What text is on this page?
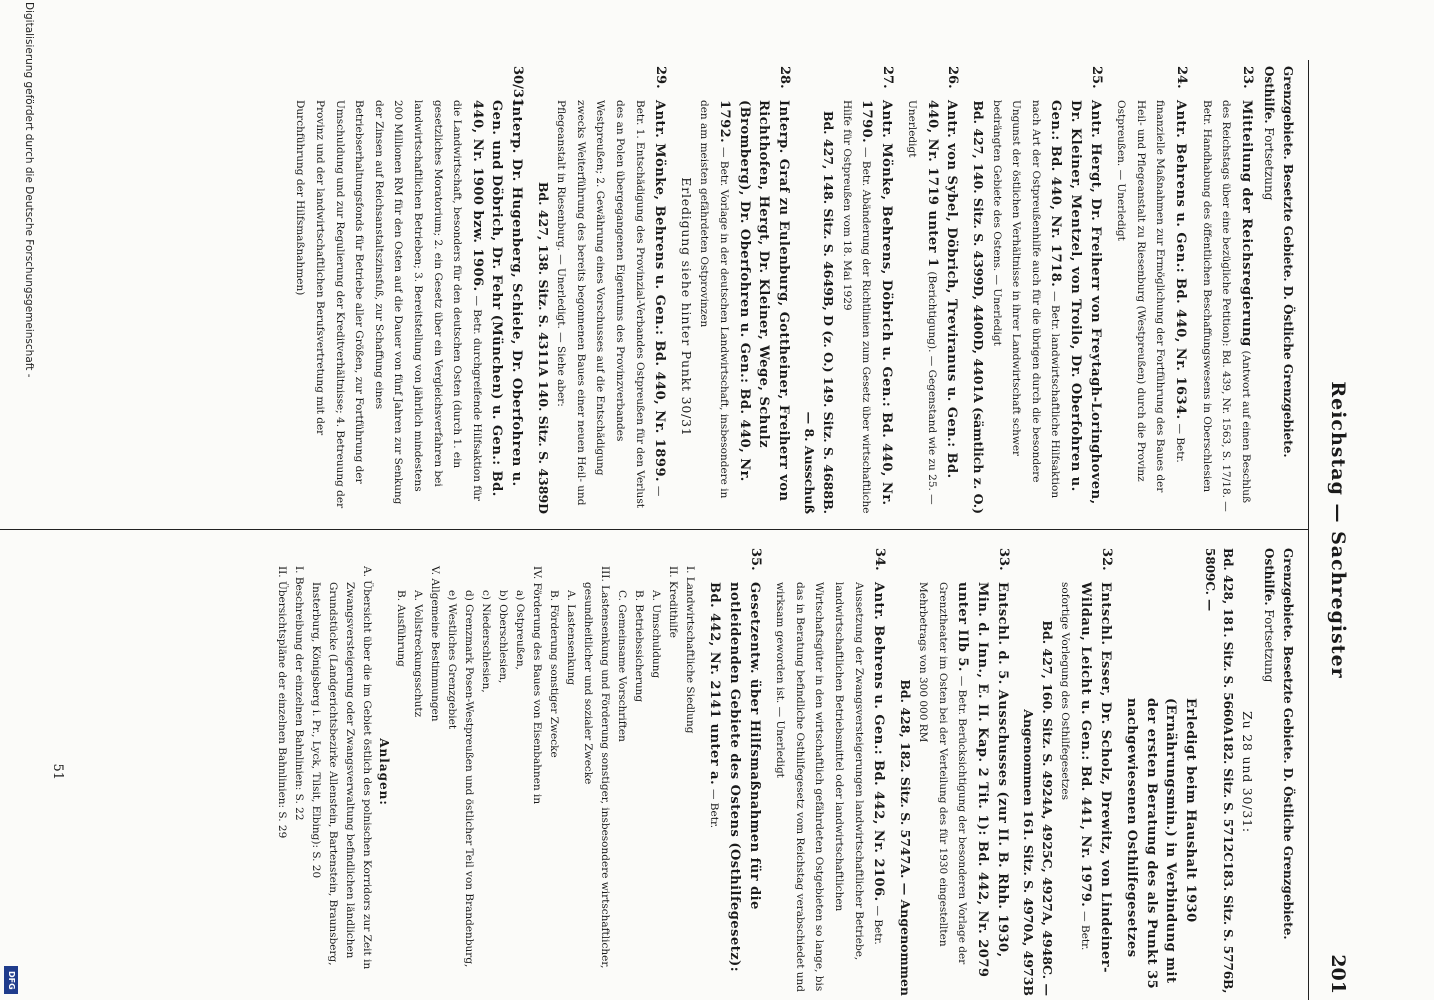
Reichstag — Sachregister
201
Grenzgebiete. Besetzte Gebiete. D. Östliche Grenzgebiete. Osthilfe. Fortsetzung
23.
Mitteilung der Reichsregierung (Antwort auf einen Beschluß des Reichstags über eine bezügliche Petition): Bd. 439, Nr. 1563, S. 17/18. — Betr. Handhabung des öffentlichen Beschaffungswesens in Oberschlesien
24.
Antr. Behrens u. Gen.: Bd. 440, Nr. 1634. — Betr. finanzielle Maßnahmen zur Ermöglichung der Fortführung des Baues der Heil- und Pflegeanstalt zu Riesenburg (Westpreußen) durch die Provinz Ostpreußen. — Unerledigt
25.
Antr. Hergt, Dr. Freiherr von Freytagh-Loringhoven, Dr. Kleiner, Mentzel, von Troilo, Dr. Oberfohren u. Gen.: Bd. 440, Nr. 1718. — Betr. landwirtschaftliche Hilfsaktion nach Art der Ostpreußenhilfe auch für die übrigen durch die besondere Ungunst der östlichen Verhältnisse in ihrer Landwirtschaft schwer bedrängten Gebiete des Ostens. — Unerledigt
Bd. 427, 140. Sitz. S. 4399D, 4400D, 4401A (sämtlich z. O.)
26.
Antr. von Sybel, Döbrich, Treviranus u. Gen.: Bd. 440, Nr. 1719 unter 1 (Berichtigung). — Gegenstand wie zu 25. — Unerledigt
27.
Antr. Mönke, Behrens, Döbrich u. Gen.: Bd. 440, Nr. 1790. — Betr. Abänderung der Richtlinien zum Gesetz über wirtschaftliche Hilfe für Ostpreußen vom 18. Mai 1929
Bd. 427, 148. Sitz. S. 4649B, D (z. O.) 149. Sitz. S. 4688B. — 8. Ausschuß
28.
Interp. Graf zu Eulenburg, Gottheiner, Freiherr von Richthofen, Hergt, Dr. Kleiner, Wege, Schulz (Bromberg), Dr. Oberfohren u. Gen.: Bd. 440, Nr. 1792. — Betr. Vorlage in der deutschen Landwirtschaft, insbesondere in den am meisten gefährdeten Ostprovinzen
Erledigung siehe hinter Punkt 30/31
29.
Antr. Mönke, Behrens u. Gen.: Bd. 440, Nr. 1899. — Betr. 1. Entschädigung des Provinzial-Verbandes Ostpreußen für den Verlust des an Polen übergegangenen Eigentums des Provinzverbandes Westpreußen; 2. Gewährung eines Vorschusses auf die Entschädigung zwecks Weiterführung des bereits begonnenen Baues einer neuen Heil- und Pflegeanstalt in Riesenburg. — Unerledigt. — Siehe aber:
Bd. 427, 138. Sitz. S. 4311A 140. Sitz. S. 4389D
30/31.
Interp. Dr. Hugenberg, Schiele, Dr. Oberfohren u. Gen. und Döbrich, Dr. Fehr (München) u. Gen.: Bd. 440, Nr. 1900 bzw. 1906. — Betr. durchgreifende Hilfsaktion für die Landwirtschaft, besonders für den deutschen Osten (durch 1. ein gesetzliches Moratorium; 2. ein Gesetz über ein Vergleichsverfahren bei landwirtschaftlichen Betrieben; 3. Bereitstellung von jährlich mindestens 200 Millionen RM für den Osten auf die Dauer von fünf Jahren zur Senkung der Zinsen auf Reichsanstaltszinsfuß, zur Schaffung eines Betriebserhaltungsfonds für Betriebe aller Größen, zur Fortführung der Umschuldung und zur Regulierung der Kreditverhältnisse; 4. Betreuung der Provinz und der landwirtschaftlichen Berufsvertretung mit der Durchführung der Hilfsmaßnahmen)
Grenzgebiete. Besetzte Gebiete. D. Östliche Grenzgebiete. Osthilfe. Fortsetzung
Zu 28 und 30/31:
Bd. 428, 181. Sitz. S. 5660A182. Sitz. S. 5712C183. Sitz. S. 5776B, 5809C. —
Erledigt beim Haushalt 1930 (Ernährungsmin.) in Verbindung mit der ersten Beratung des als Punkt 35 nachgewiesenen Osthilfegesetzes
32.
Entschl. Esser, Dr. Scholz, Drewitz, von Lindeiner-Wildau, Leicht u. Gen.: Bd. 441, Nr. 1979. — Betr. sofortige Vorlegung des Osthilfegesetzes
Bd. 427, 160. Sitz. S. 4924A, 4925C, 4927A, 4948C. — Angenommen 161. Sitz. S. 4970A, 4973B
33.
Entschl. d. 5. Ausschusses (zur II. B. Rhh. 1930, Min. d. Inn., E. II. Kap. 2 Tit. 1): Bd. 442, Nr. 2079 unter IIb 5. — Betr. Berücksichtigung der besonderen Vorlage der Grenztheater im Osten bei der Verteilung des für 1930 eingestellten Mehrbetrags von 300 000 RM
Bd. 428, 182. Sitz. S. 5747A. — Angenommen
34.
Antr. Behrens u. Gen.: Bd. 442, Nr. 2106. — Betr. Aussetzung der Zwangsversteigerungen landwirtschaftlicher Betriebe, landwirtschaftlichen Betriebsmittel oder landwirtschaftlichen Wirtschaftsgüter in den wirtschaftlich gefährdeten Ostgebieten so lange, bis das in Beratung befindliche Osthilfegesetz vom Reichstag verabschiedet und wirksam geworden ist. — Unerledigt
35.
Gesetzentw. über Hilfsmaßnahmen für die notleidenden Gebiete des Ostens (Osthilfegesetz): Bd. 442, Nr. 2141 unter a. — Betr.
I. Landwirtschaftliche Siedlung
II. Kredithilfe
A. Umschuldung
B. Betriebssicherung
C. Gemeinsame Vorschriften
III. Lastensenkung und Förderung sonstiger, insbesondere wirtschaftlicher, gesundheitlicher und sozialer Zwecke
A. Lastensenkung
B. Förderung sonstiger Zwecke
IV. Förderung des Baues von Eisenbahnen in
a) Ostpreußen,
b) Oberschlesien,
c) Niederschlesien,
d) Grenzmark Posen-Westpreußen und östlicher Teil von Brandenburg,
e) Westliches Grenzgebiet
V. Allgemeine Bestimmungen
A. Vollstreckungsschutz
B. Ausführung
Anlagen:
A. Übersicht über die im Gebiet östlich des polnischen Korridors zur Zeit in Zwangsversteigerung oder Zwangsverwaltung befindlichen ländlichen Grundstücke (Landgerichtsbezirke Allenstein, Bartenstein, Braunsberg, Insterburg, Königsberg i. Pr., Lyck, Tilsit, Elbing): S. 20
I. Beschreibung der einzelnen Bahnlinien: S. 22
II. Übersichtspläne der einzelnen Bahnlinien: S. 29
51
Digitalisierung gefördert durch die Deutsche Forschungsgemeinschaft -
DFG
